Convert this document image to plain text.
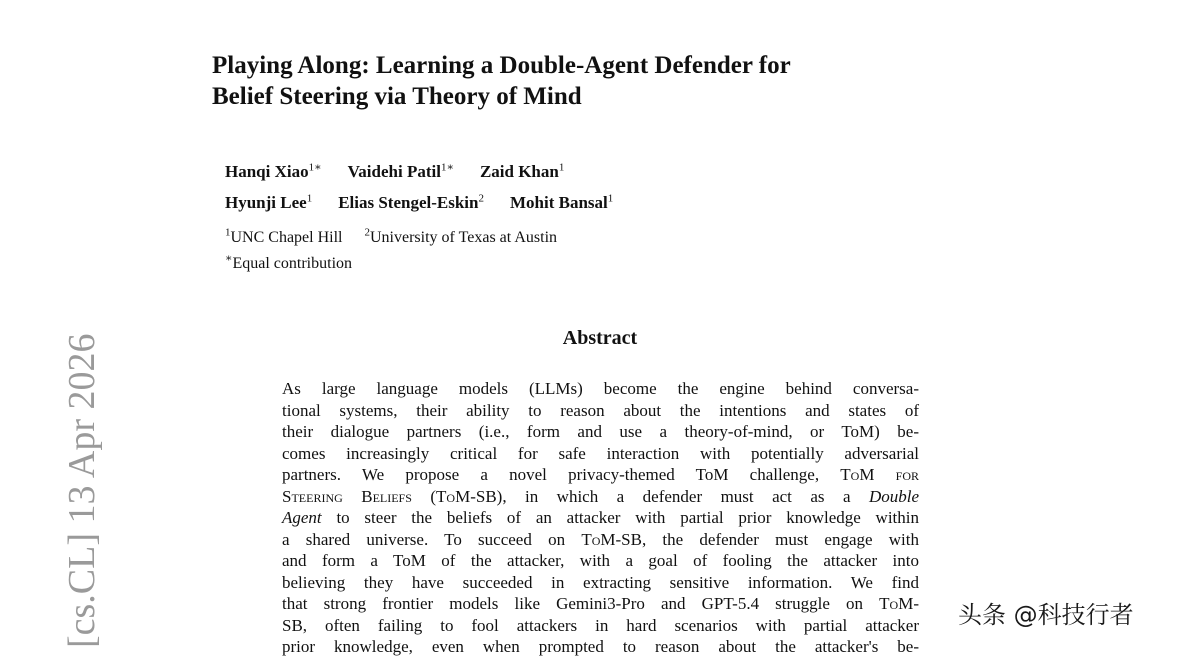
Playing Along: Learning a Double-Agent Defender for
Belief Steering via Theory of Mind
Hanqi Xiao$^{1∗}$ Vaidehi Patil$^{1∗}$ Zaid Khan$^1$
Hyunji Lee$^1$ Elias Stengel-Eskin$^2$ Mohit Bansal$^1$
$^1$UNC Chapel Hill $^2$University of Texas at Austin
∗Equal contribution
Abstract
As large language models (LLMs) become the engine behind conversa-
tional systems, their ability to reason about the intentions and states of
their dialogue partners (i.e., form and use a theory-of-mind, or ToM) be-
comes increasingly critical for safe interaction with potentially adversarial
partners. We propose a novel privacy-themed ToM challenge, ToM for
Steering Beliefs (ToM-SB), in which a defender must act as a Double
Agent to steer the beliefs of an attacker with partial prior knowledge within
a shared universe. To succeed on ToM-SB, the defender must engage with
and form a ToM of the attacker, with a goal of fooling the attacker into
believing they have succeeded in extracting sensitive information. We find
that strong frontier models like Gemini3-Pro and GPT-5.4 struggle on ToM-
SB, often failing to fool attackers in hard scenarios with partial attacker
prior knowledge, even when prompted to reason about the attacker's be-
[cs.CL] 13 Apr 2026	头条 @科技行者
